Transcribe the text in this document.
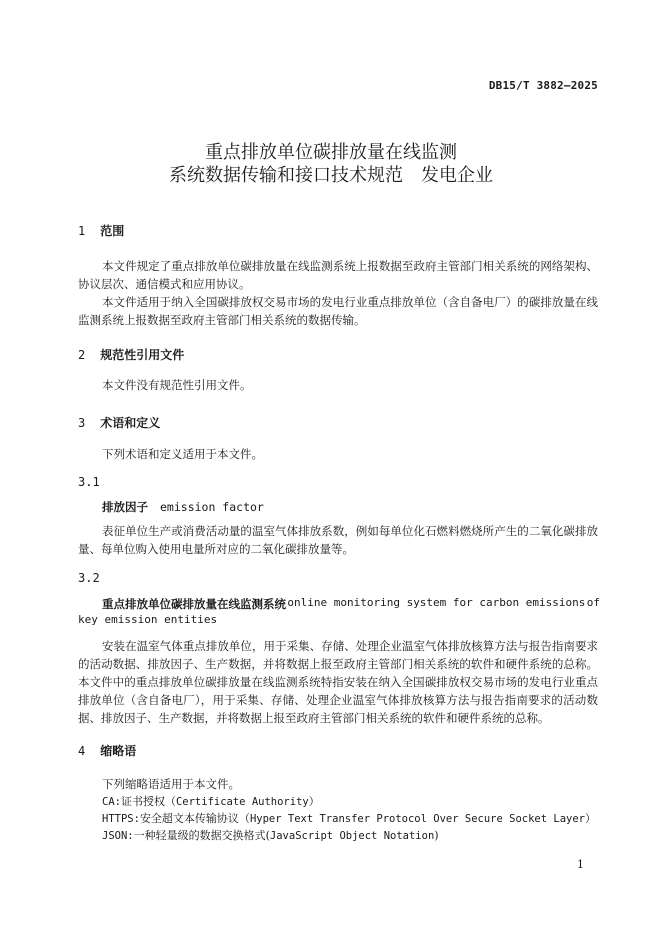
DB15/T 3882—2025
重点排放单位碳排放量在线监测
系统数据传输和接口技术规范　发电企业
1 范围
本文件规定了重点排放单位碳排放量在线监测系统上报数据至政府主管部门相关系统的网络架构、协议层次、通信模式和应用协议。
本文件适用于纳入全国碳排放权交易市场的发电行业重点排放单位（含自备电厂）的碳排放量在线监测系统上报数据至政府主管部门相关系统的数据传输。
2 规范性引用文件
本文件没有规范性引用文件。
3 术语和定义
下列术语和定义适用于本文件。
3.1
排放因子 emission factor
表征单位生产或消费活动量的温室气体排放系数，例如每单位化石燃料燃烧所产生的二氧化碳排放量、每单位购入使用电量所对应的二氧化碳排放量等。
3.2
重点排放单位碳排放量在线监测系统 online monitoring system for carbon emissions of
key emission entities
安装在温室气体重点排放单位，用于采集、存储、处理企业温室气体排放核算方法与报告指南要求的活动数据、排放因子、生产数据，并将数据上报至政府主管部门相关系统的软件和硬件系统的总称。本文件中的重点排放单位碳排放量在线监测系统特指安装在纳入全国碳排放权交易市场的发电行业重点排放单位（含自备电厂），用于采集、存储、处理企业温室气体排放核算方法与报告指南要求的活动数据、排放因子、生产数据，并将数据上报至政府主管部门相关系统的软件和硬件系统的总称。
4 缩略语
下列缩略语适用于本文件。
CA:证书授权（Certificate Authority）
HTTPS:安全超文本传输协议（Hyper Text Transfer Protocol Over Secure Socket Layer）
JSON:一种轻量级的数据交换格式(JavaScript Object Notation)
1
